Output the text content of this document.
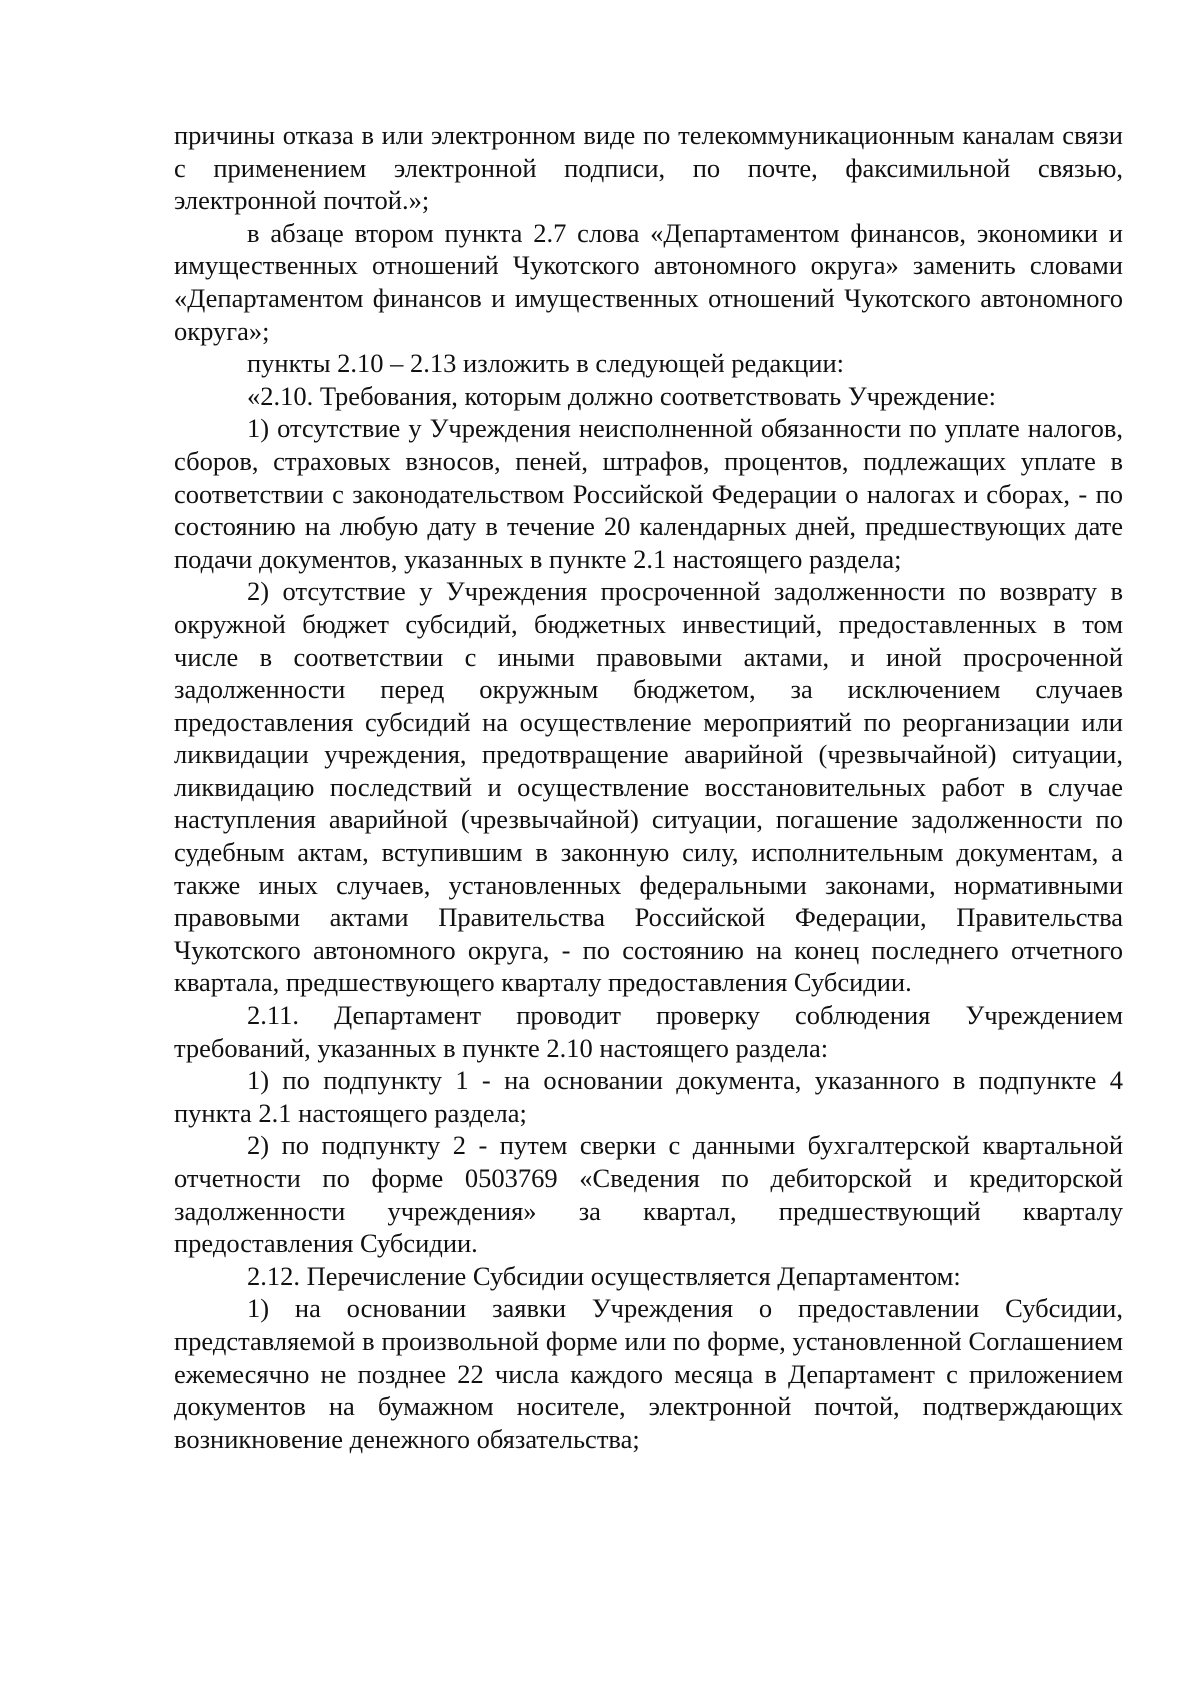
причины отказа в или электронном виде по телекоммуникационным каналам связи с применением электронной подписи, по почте, факсимильной связью, электронной почтой.»;

в абзаце втором пункта 2.7 слова «Департаментом финансов, экономики и имущественных отношений Чукотского автономного округа» заменить словами «Департаментом финансов и имущественных отношений Чукотского автономного округа»;

пункты 2.10 – 2.13 изложить в следующей редакции:

«2.10. Требования, которым должно соответствовать Учреждение:

1) отсутствие у Учреждения неисполненной обязанности по уплате налогов, сборов, страховых взносов, пеней, штрафов, процентов, подлежащих уплате в соответствии с законодательством Российской Федерации о налогах и сборах, - по состоянию на любую дату в течение 20 календарных дней, предшествующих дате подачи документов, указанных в пункте 2.1 настоящего раздела;

2) отсутствие у Учреждения просроченной задолженности по возврату в окружной бюджет субсидий, бюджетных инвестиций, предоставленных в том числе в соответствии с иными правовыми актами, и иной просроченной задолженности перед окружным бюджетом, за исключением случаев предоставления субсидий на осуществление мероприятий по реорганизации или ликвидации учреждения, предотвращение аварийной (чрезвычайной) ситуации, ликвидацию последствий и осуществление восстановительных работ в случае наступления аварийной (чрезвычайной) ситуации, погашение задолженности по судебным актам, вступившим в законную силу, исполнительным документам, а также иных случаев, установленных федеральными законами, нормативными правовыми актами Правительства Российской Федерации, Правительства Чукотского автономного округа, - по состоянию на конец последнего отчетного квартала, предшествующего кварталу предоставления Субсидии.

2.11. Департамент проводит проверку соблюдения Учреждением требований, указанных в пункте 2.10 настоящего раздела:

1) по подпункту 1 - на основании документа, указанного в подпункте 4 пункта 2.1 настоящего раздела;

2) по подпункту 2 - путем сверки с данными бухгалтерской квартальной отчетности по форме 0503769 «Сведения по дебиторской и кредиторской задолженности учреждения» за квартал, предшествующий кварталу предоставления Субсидии.

2.12. Перечисление Субсидии осуществляется Департаментом:

1) на основании заявки Учреждения о предоставлении Субсидии, представляемой в произвольной форме или по форме, установленной Соглашением ежемесячно не позднее 22 числа каждого месяца в Департамент с приложением документов на бумажном носителе, электронной почтой, подтверждающих возникновение денежного обязательства;
